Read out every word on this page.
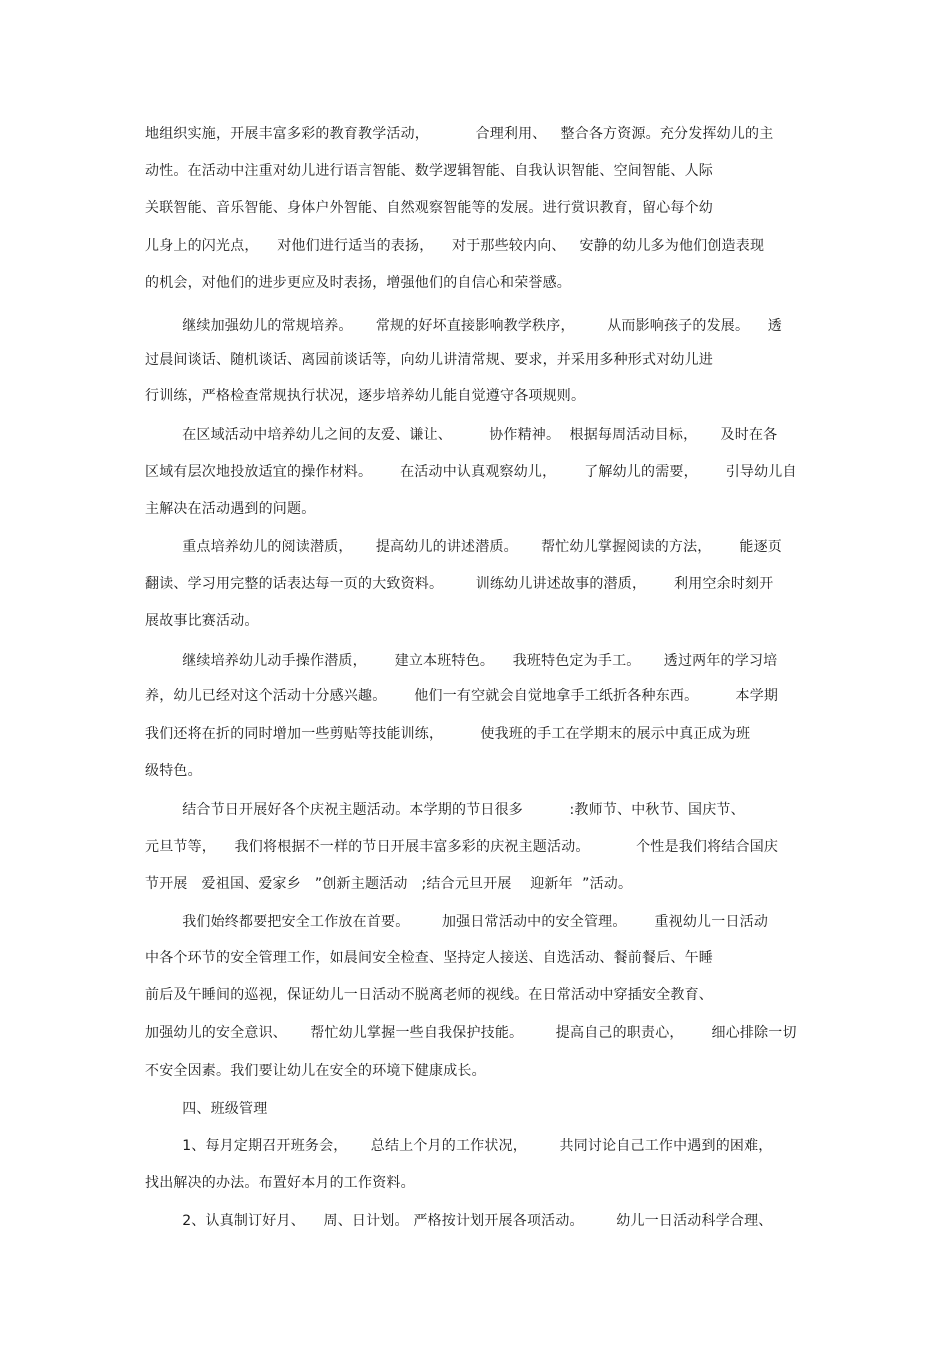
地组织实施，开展丰富多彩的教育教学活动，          合理利用、   整合各方资源。充分发挥幼儿的主
动性。在活动中注重对幼儿进行语言智能、数学逻辑智能、自我认识智能、空间智能、人际
关联智能、音乐智能、身体户外智能、自然观察智能等的发展。进行赏识教育，留心每个幼
儿身上的闪光点，    对他们进行适当的表扬，    对于那些较内向、   安静的幼儿多为他们创造表现
的机会，对他们的进步更应及时表扬，增强他们的自信心和荣誉感。
继续加强幼儿的常规培养。     常规的好坏直接影响教学秩序，       从而影响孩子的发展。    透
过晨间谈话、随机谈话、离园前谈话等，向幼儿讲清常规、要求，并采用多种形式对幼儿进
行训练，严格检查常规执行状况，逐步培养幼儿能自觉遵守各项规则。
在区域活动中培养幼儿之间的友爱、谦让、        协作精神。  根据每周活动目标，     及时在各
区域有层次地投放适宜的操作材料。      在活动中认真观察幼儿，      了解幼儿的需要，      引导幼儿自
主解决在活动遇到的问题。
重点培养幼儿的阅读潜质，     提高幼儿的讲述潜质。     帮忙幼儿掌握阅读的方法，      能逐页
翻读、学习用完整的话表达每一页的大致资料。       训练幼儿讲述故事的潜质，      利用空余时刻开
展故事比赛活动。
继续培养幼儿动手操作潜质，      建立本班特色。    我班特色定为手工。     透过两年的学习培
养，幼儿已经对这个活动十分感兴趣。      他们一有空就会自觉地拿手工纸折各种东西。        本学期
我们还将在折的同时增加一些剪贴等技能训练，        使我班的手工在学期末的展示中真正成为班
级特色。
结合节日开展好各个庆祝主题活动。本学期的节日很多          :教师节、中秋节、国庆节、
元旦节等，    我们将根据不一样的节日开展丰富多彩的庆祝主题活动。          个性是我们将结合国庆
节开展   爱祖国、爱家乡   ”创新主题活动   ;结合元旦开展    迎新年  ”活动。
我们始终都要把安全工作放在首要。       加强日常活动中的安全管理。      重视幼儿一日活动
中各个环节的安全管理工作，如晨间安全检查、坚持定人接送、自选活动、餐前餐后、午睡
前后及午睡间的巡视，保证幼儿一日活动不脱离老师的视线。在日常活动中穿插安全教育、
加强幼儿的安全意识、     帮忙幼儿掌握一些自我保护技能。       提高自己的职责心，      细心排除一切
不安全因素。我们要让幼儿在安全的环境下健康成长。
四、班级管理
1、每月定期召开班务会，     总结上个月的工作状况，       共同讨论自己工作中遇到的困难，
找出解决的办法。布置好本月的工作资料。
2、认真制订好月、    周、日计划。 严格按计划开展各项活动。       幼儿一日活动科学合理、
